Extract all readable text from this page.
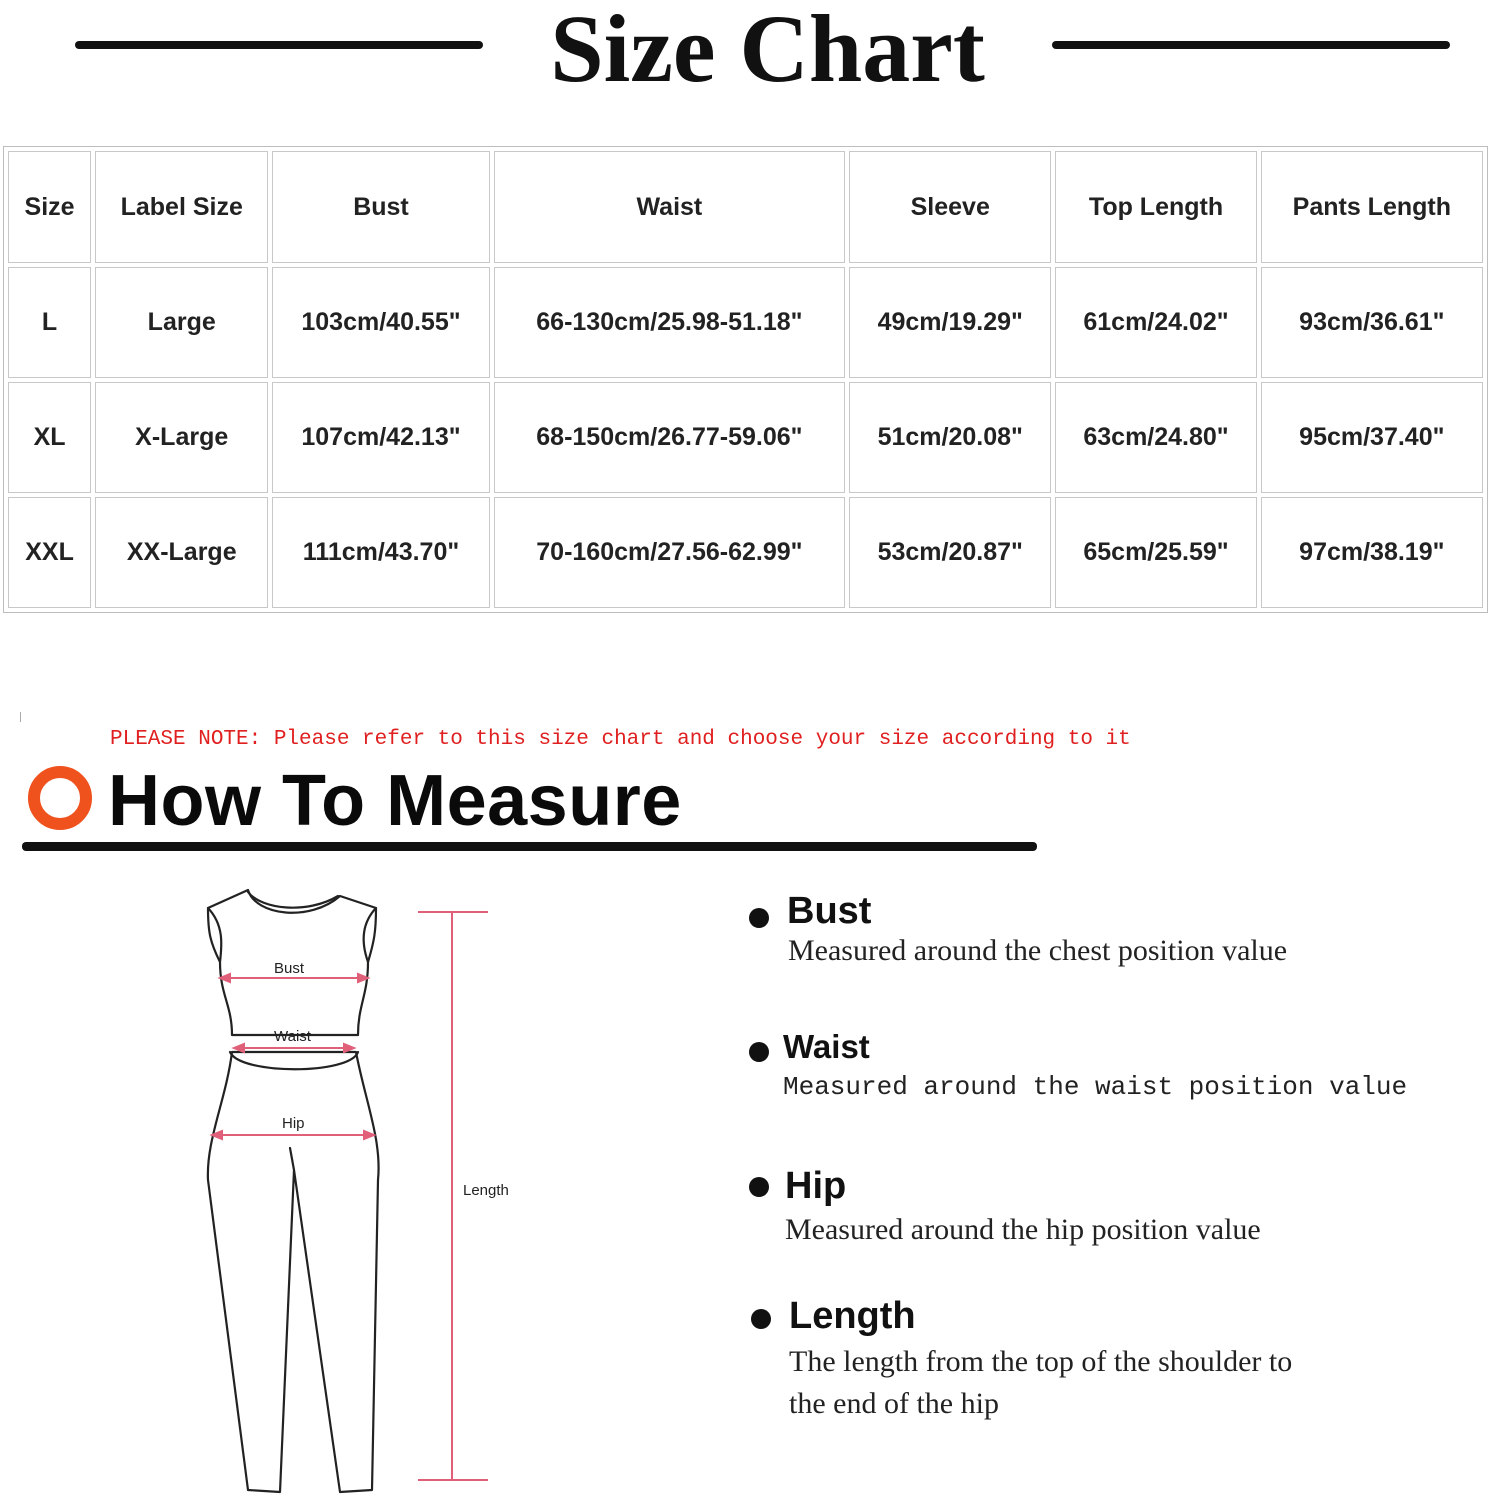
Size Chart
Size	Label Size	Bust	Waist	Sleeve	Top Length	Pants Length
L	Large	103cm/40.55"	66-130cm/25.98-51.18"	49cm/19.29"	61cm/24.02"	93cm/36.61"
XL	X-Large	107cm/42.13"	68-150cm/26.77-59.06"	51cm/20.08"	63cm/24.80"	95cm/37.40"
XXL	XX-Large	111cm/43.70"	70-160cm/27.56-62.99"	53cm/20.87"	65cm/25.59"	97cm/38.19"

PLEASE NOTE: Please refer to this size chart and choose your size according to it

How To Measure
Bust
Waist
Hip
Length

Bust

Measured around the chest position value

Waist

Measured around the waist position value

Hip

Measured around the hip position value

Length

The length from the top of the shoulder to

the end of the hip
